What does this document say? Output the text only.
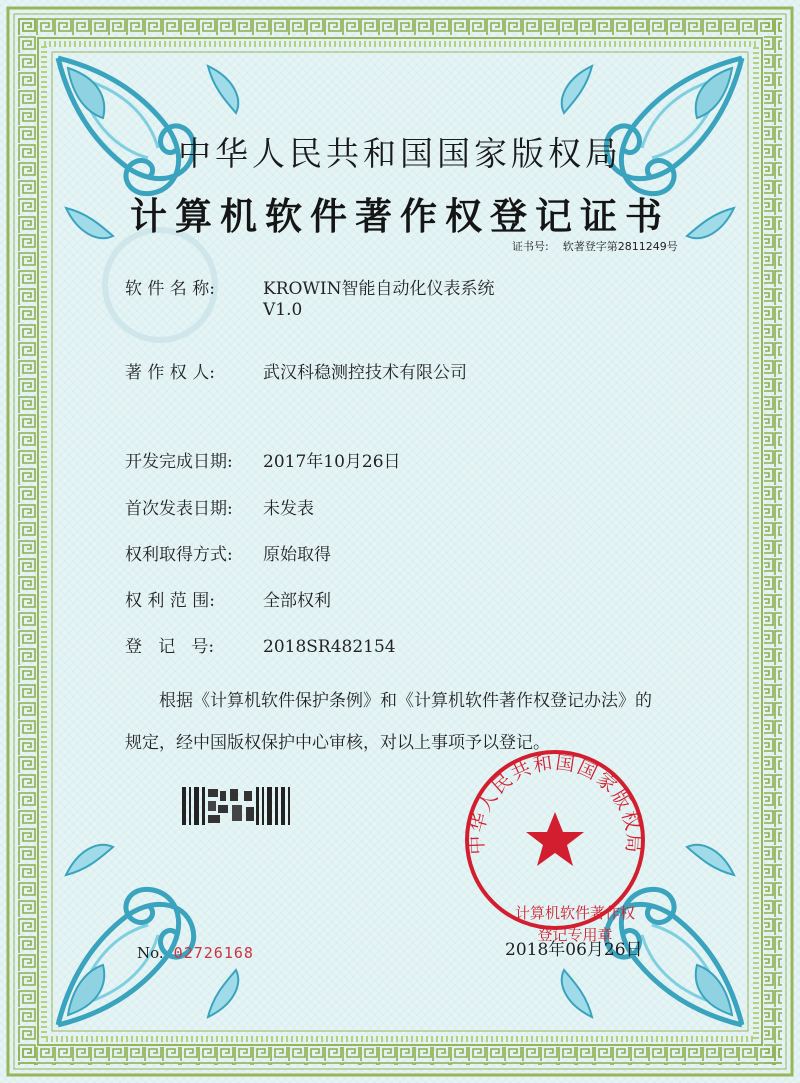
中华人民共和国国家版权局
中华人民共和国国家版权局
计算机软件著作权登记证书
证书号: 软著登字第2811249号
软 件 名 称:	KROWIN智能自动化仪表系统
V1.0
著 作 权 人:	武汉科稳测控技术有限公司
开发完成日期: 2017年10月26日
首次发表日期: 未发表
权利取得方式: 原始取得
权 利 范 围:	全部权利
登   记   号:	2018SR482154
根据《计算机软件保护条例》和《计算机软件著作权登记办法》的
规定，经中国版权保护中心审核，对以上事项予以登记。
计算机软件著作权
登记专用章
2018年06月26日
No. 02726168
